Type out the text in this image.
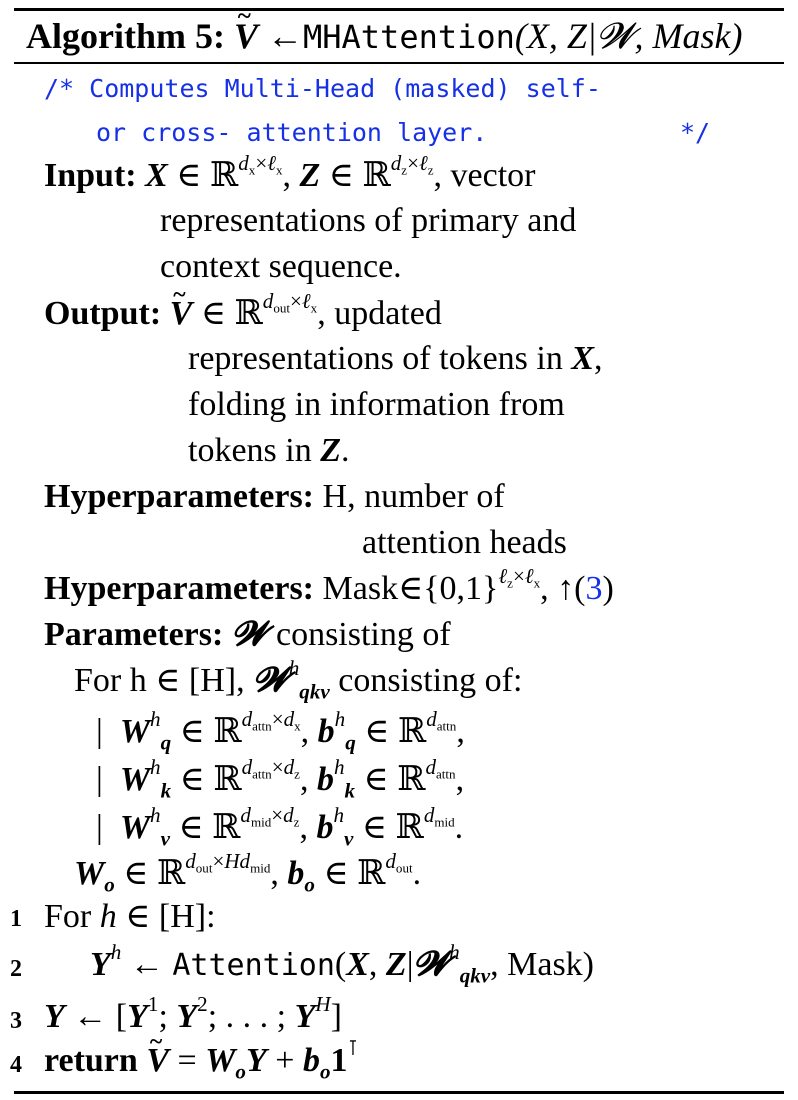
Algorithm 5: ~ V ←MHAttention(X, Z|𝓦, Mask)
/* Computes Multi-Head (masked) self-
or cross- attention layer.	*/
Input: X ∈ ℝ$^{d_x\times\ell_x}$, Z ∈ ℝ$^{d_z\times\ell_z}$, vector
representations of primary and
context sequence.
Output: ~ V ∈ ℝ$^{d_{out}\times\ell_x}$, updated
representations of tokens in X,
folding in information from
tokens in Z.
Hyperparameters: H, number of
attention heads
Hyperparameters: $Mask\in\{0,1\}^{\ell_z\times\ell_x}$, ↑(3)
Parameters: 𝓦 consisting of
For h ∈ [H], 𝓦$^h_{qkv}$ consisting of:
|  $W^h_q$ ∈ ℝ$^{d_{attn}\times d_x}$, $b^h_q$ ∈ ℝ$^{d_{attn}}$,
|  $W^h_k$ ∈ ℝ$^{d_{attn}\times d_z}$, $b^h_k$ ∈ ℝ$^{d_{attn}}$,
|  $W^h_v$ ∈ ℝ$^{d_{mid}\times d_z}$, $b^h_v$ ∈ ℝ$^{d_{mid}}$.
$W_o$ ∈ ℝ$^{d_{out}\times Hd_{mid}}$, $b_o$ ∈ ℝ$^{d_{out}}$.
1 For h ∈ [H]:
2 $Y^h$ ← Attention(X, Z|𝓦$^h_{qkv}$, Mask)
3 Y ← [$Y^1$; $Y^2$; . . . ; $Y^H$]
4 return ~ $V = W_oY + b_o1^⊺$
